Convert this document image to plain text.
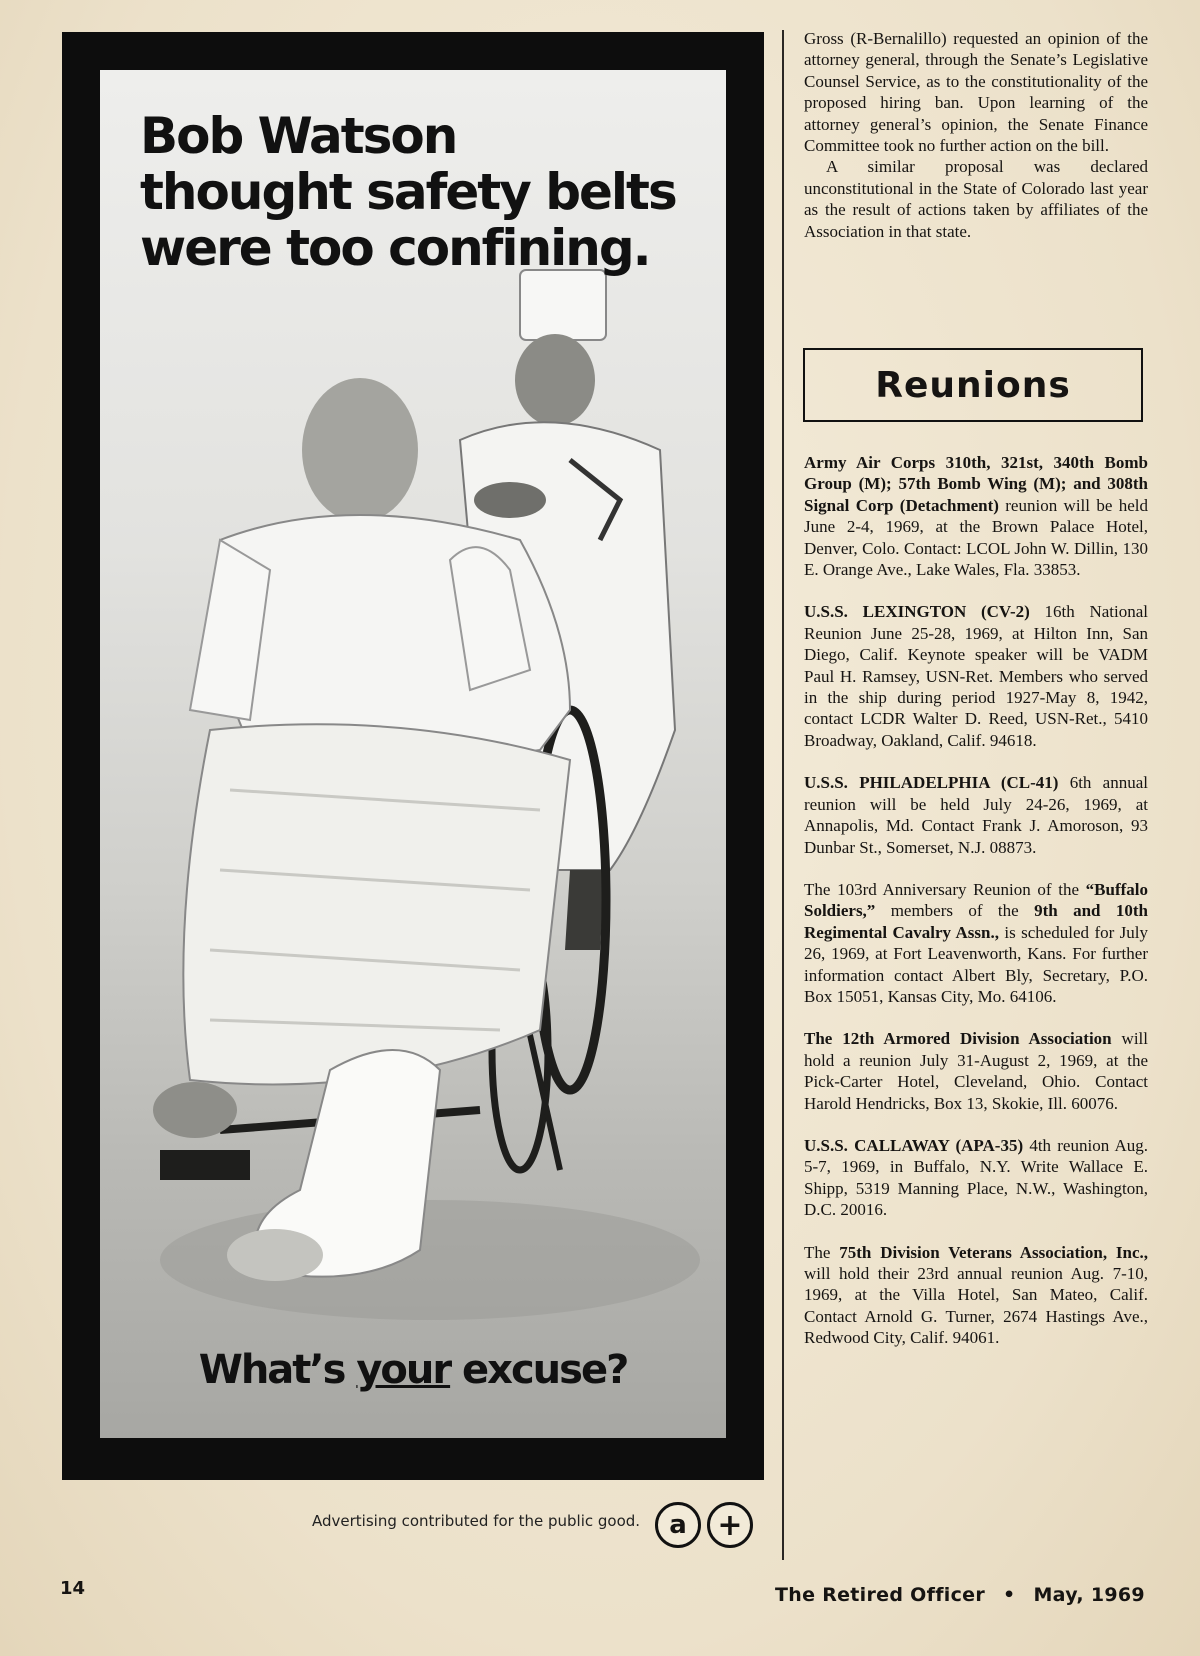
Bob Watson
thought safety belts
were too confining.
What’s your excuse?
Advertising contributed for the public good. a +

Gross (R-Bernalillo) requested an opinion of the attorney general, through the Senate’s Legislative Counsel Service, as to the constitutionality of the proposed hiring ban. Upon learning of the attorney general’s opinion, the Senate Finance Committee took no further action on the bill.

A similar proposal was declared unconstitutional in the State of Colorado last year as the result of actions taken by affiliates of the Association in that state.

Reunions

Army Air Corps 310th, 321st, 340th Bomb Group (M); 57th Bomb Wing (M); and 308th Signal Corp (Detachment) reunion will be held June 2-4, 1969, at the Brown Palace Hotel, Denver, Colo. Contact: LCOL John W. Dillin, 130 E. Orange Ave., Lake Wales, Fla. 33853.

U.S.S. LEXINGTON (CV-2) 16th National Reunion June 25-28, 1969, at Hilton Inn, San Diego, Calif. Keynote speaker will be VADM Paul H. Ramsey, USN-Ret. Members who served in the ship during period 1927-May 8, 1942, contact LCDR Walter D. Reed, USN-Ret., 5410 Broadway, Oakland, Calif. 94618.

U.S.S. PHILADELPHIA (CL-41) 6th annual reunion will be held July 24-26, 1969, at Annapolis, Md. Contact Frank J. Amoroson, 93 Dunbar St., Somerset, N.J. 08873.

The 103rd Anniversary Reunion of the “Buffalo Soldiers,” members of the 9th and 10th Regimental Cavalry Assn., is scheduled for July 26, 1969, at Fort Leavenworth, Kans. For further information contact Albert Bly, Secretary, P.O. Box 15051, Kansas City, Mo. 64106.

The 12th Armored Division Association will hold a reunion July 31-August 2, 1969, at the Pick-Carter Hotel, Cleveland, Ohio. Contact Harold Hendricks, Box 13, Skokie, Ill. 60076.

U.S.S. CALLAWAY (APA-35) 4th reunion Aug. 5-7, 1969, in Buffalo, N.Y. Write Wallace E. Shipp, 5319 Manning Place, N.W., Washington, D.C. 20016.

The 75th Division Veterans Association, Inc., will hold their 23rd annual reunion Aug. 7-10, 1969, at the Villa Hotel, San Mateo, Calif. Contact Arnold G. Turner, 2674 Hastings Ave., Redwood City, Calif. 94061.

14	The Retired Officer • May, 1969
